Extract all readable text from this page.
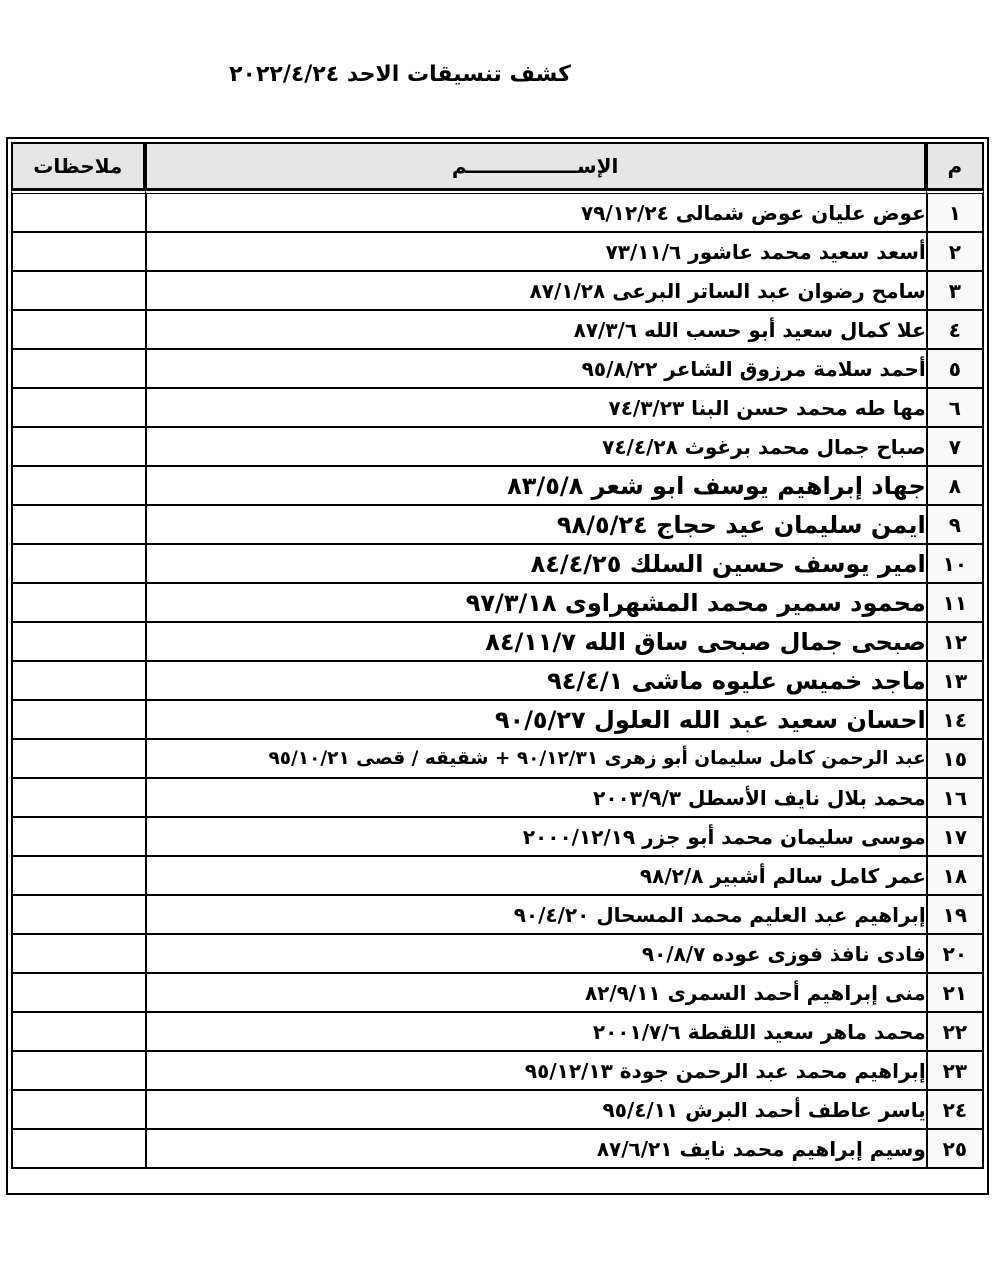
كشف تنسيقات الاحد ٢٠٢٢/٤/٢٤
م	الإســــــــــــــــم	ملاحظات
١	عوض عليان عوض شمالى ٧٩/١٢/٢٤	
٢	أسعد سعيد محمد عاشور ٧٣/١١/٦	
٣	سامح رضوان عبد الساتر البرعى ٨٧/١/٢٨	
٤	علا كمال سعيد أبو حسب الله ٨٧/٣/٦	
٥	أحمد سلامة مرزوق الشاعر ٩٥/٨/٢٢	
٦	مها طه محمد حسن البنا ٧٤/٣/٢٣	
٧	صباح جمال محمد برغوث ٧٤/٤/٢٨	
٨	جهاد إبراهيم يوسف ابو شعر ٨٣/٥/٨	
٩	ايمن سليمان عيد حجاج ٩٨/٥/٢٤	
١٠	امير يوسف حسين السلك ٨٤/٤/٢٥	
١١	محمود سمير محمد المشهراوى ٩٧/٣/١٨	
١٢	صبحى جمال صبحى ساق الله ٨٤/١١/٧	
١٣	ماجد خميس عليوه ماشى ٩٤/٤/١	
١٤	احسان سعيد عبد الله العلول ٩٠/٥/٢٧	
١٥	عبد الرحمن كامل سليمان أبو زهرى ٩٠/١٢/٣١ + شقيقه / قصى ٩٥/١٠/٢١	
١٦	محمد بلال نايف الأسطل ٢٠٠٣/٩/٣	
١٧	موسى سليمان محمد أبو جزر ٢٠٠٠/١٢/١٩	
١٨	عمر كامل سالم أشبير ٩٨/٢/٨	
١٩	إبراهيم عبد العليم محمد المسحال ٩٠/٤/٢٠	
٢٠	فادى نافذ فوزى عوده ٩٠/٨/٧	
٢١	منى إبراهيم أحمد السمرى ٨٢/٩/١١	
٢٢	محمد ماهر سعيد اللقطة ٢٠٠١/٧/٦	
٢٣	إبراهيم محمد عبد الرحمن جودة ٩٥/١٢/١٣	
٢٤	ياسر عاطف أحمد البرش ٩٥/٤/١١	
٢٥	وسيم إبراهيم محمد نايف ٨٧/٦/٢١	
